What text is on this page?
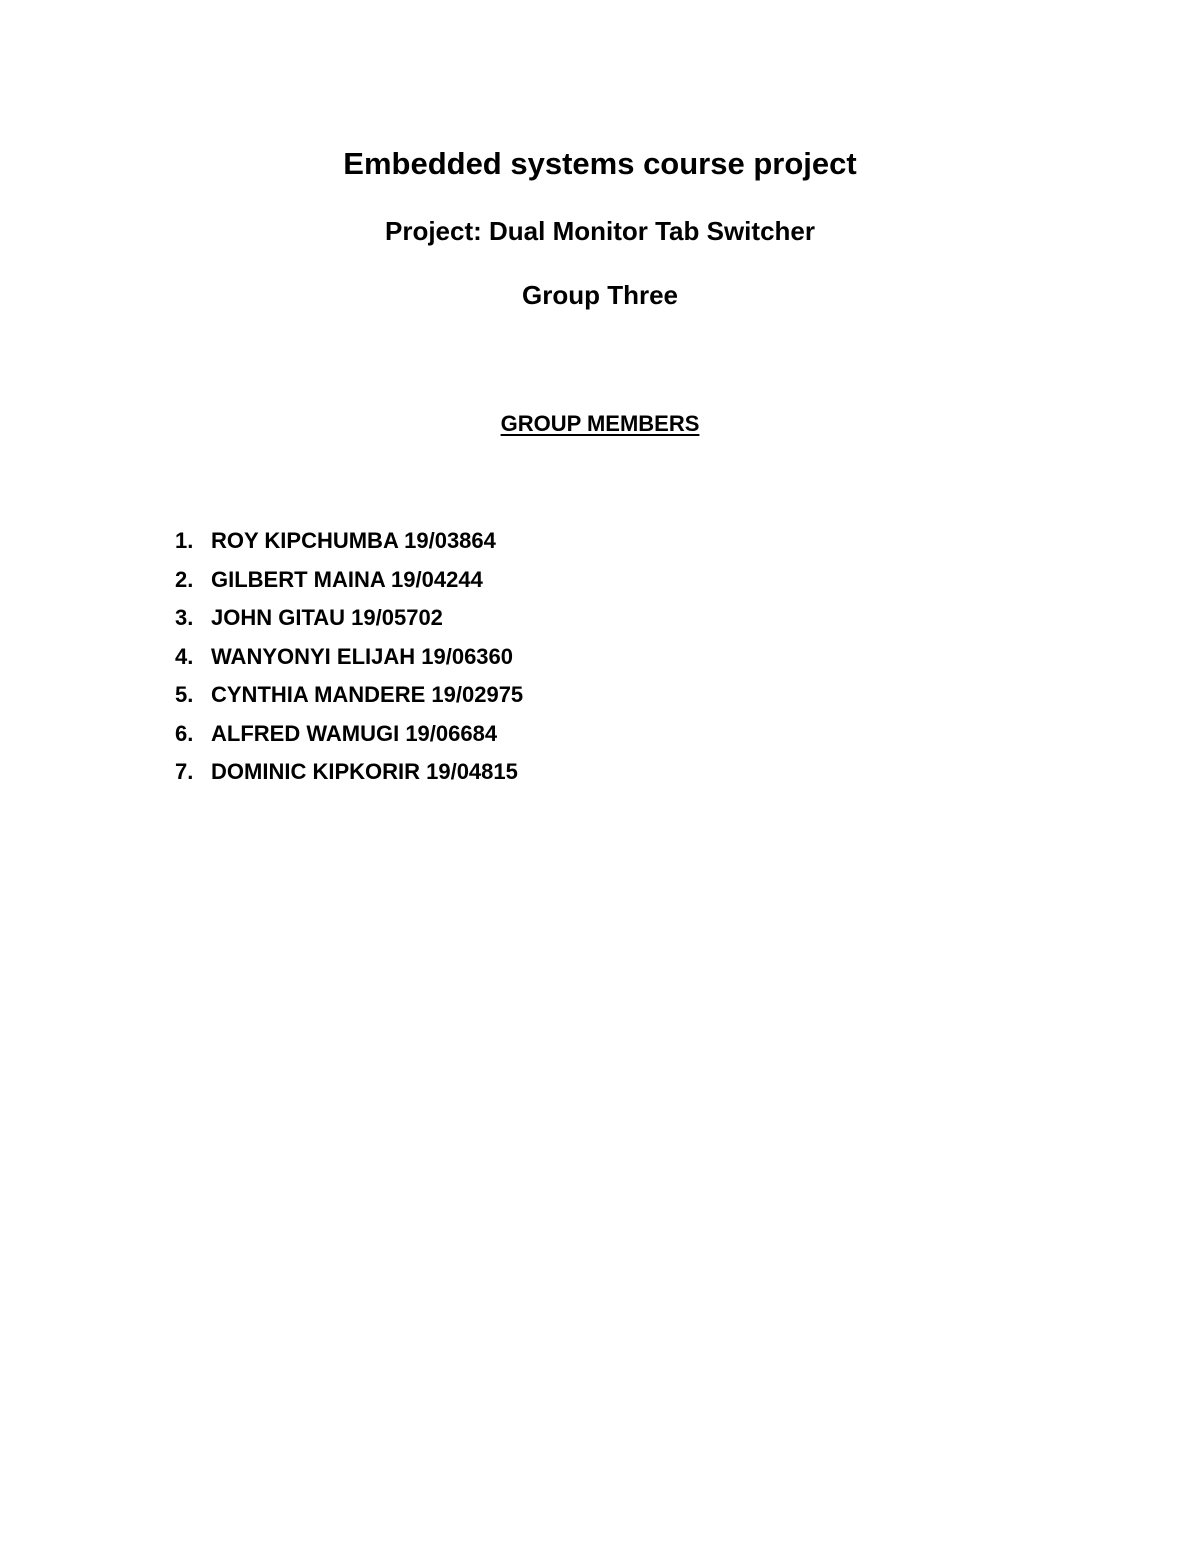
Embedded systems course project
Project: Dual Monitor Tab Switcher
Group Three
GROUP MEMBERS
1. ROY KIPCHUMBA 19/03864
2. GILBERT MAINA 19/04244
3. JOHN GITAU 19/05702
4. WANYONYI ELIJAH 19/06360
5. CYNTHIA MANDERE 19/02975
6. ALFRED WAMUGI 19/06684
7. DOMINIC KIPKORIR 19/04815
